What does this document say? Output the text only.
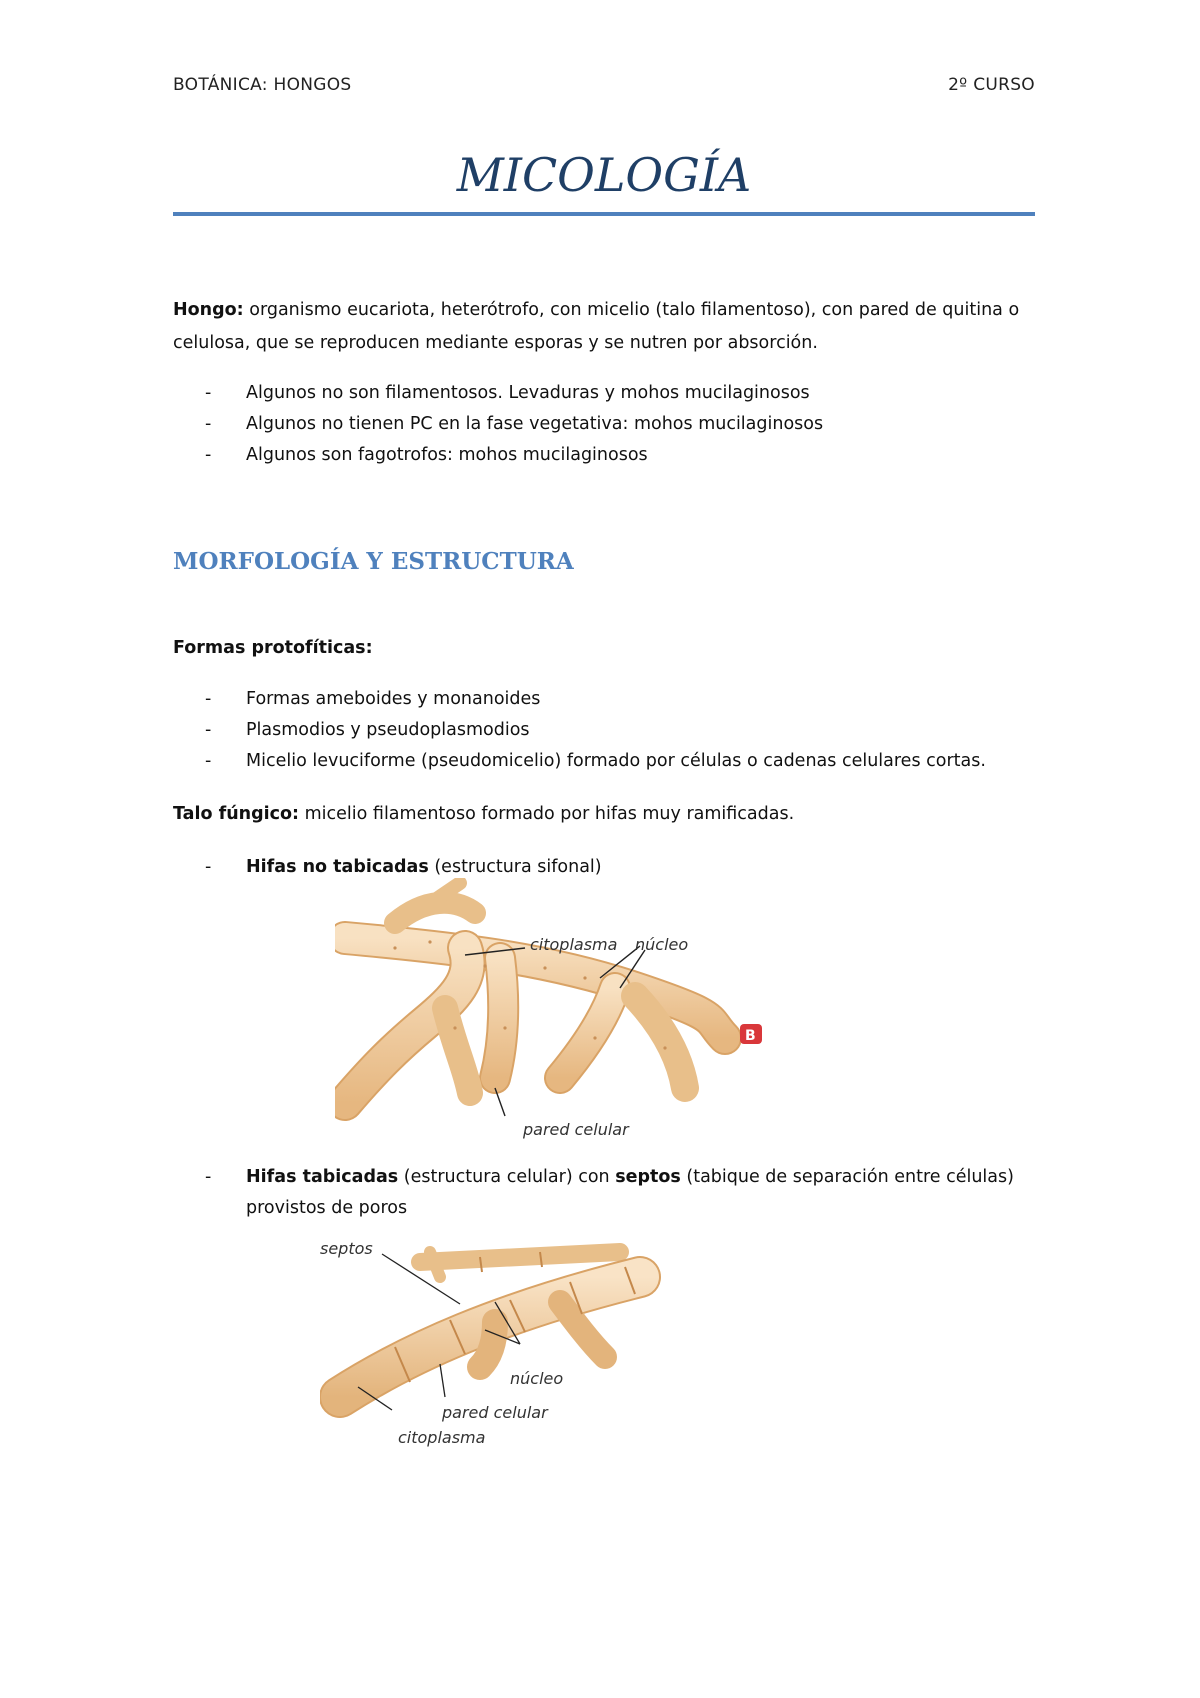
BOTÁNICA: HONGOS	2º CURSO
MICOLOGÍA
Hongo: organismo eucariota, heterótrofo, con micelio (talo filamentoso), con pared de quitina o celulosa, que se reproducen mediante esporas y se nutren por absorción.
- Algunos no son filamentosos. Levaduras y mohos mucilaginosos
- Algunos no tienen PC en la fase vegetativa: mohos mucilaginosos
- Algunos son fagotrofos: mohos mucilaginosos
MORFOLOGÍA Y ESTRUCTURA
Formas protofíticas:
- Formas ameboides y monanoides
- Plasmodios y pseudoplasmodios
- Micelio levuciforme (pseudomicelio) formado por células o cadenas celulares cortas.
Talo fúngico: micelio filamentoso formado por hifas muy ramificadas.
- Hifas no tabicadas (estructura sifonal)
citoplasma núcleo
pared celular
B
- Hifas tabicadas (estructura celular) con septos (tabique de separación entre células) provistos de poros
septos
núcleo
pared celular
citoplasma
